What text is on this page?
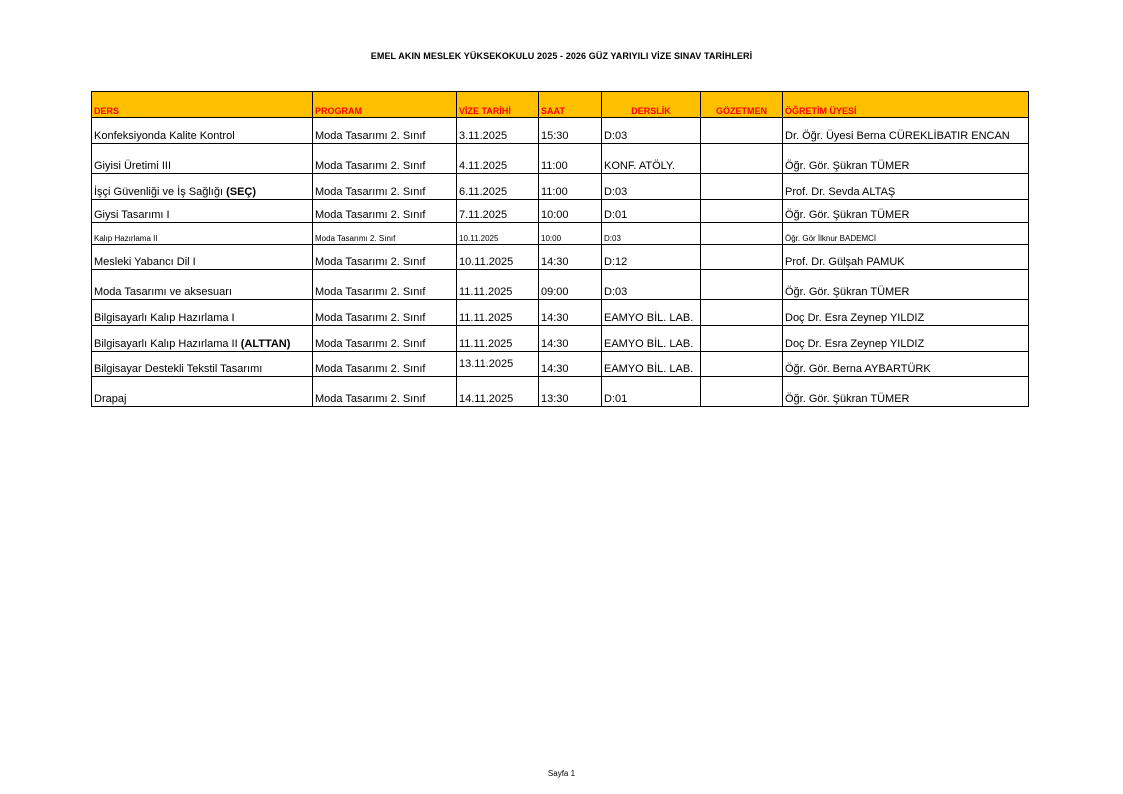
EMEL AKIN MESLEK YÜKSEKOKULU 2025 - 2026 GÜZ YARIYILI VİZE SINAV TARİHLERİ
DERS	PROGRAM	VİZE TARİHİ	SAAT	DERSLİK	GÖZETMEN	ÖĞRETİM ÜYESİ
Konfeksiyonda Kalite Kontrol	Moda Tasarımı 2. Sınıf	3.11.2025	15:30	D:03		Dr. Öğr. Üyesi Berna CÜREKLİBATIR ENCAN
Giyisi Üretimi III	Moda Tasarımı 2. Sınıf	4.11.2025	11:00	KONF. ATÖLY.		Öğr. Gör. Şükran TÜMER
İşçi Güvenliği ve İş Sağlığı (SEÇ)	Moda Tasarımı 2. Sınıf	6.11.2025	11:00	D:03		Prof. Dr. Sevda ALTAŞ
Giysi Tasarımı I	Moda Tasarımı 2. Sınıf	7.11.2025	10:00	D:01		Öğr. Gör. Şükran TÜMER
Kalıp Hazırlama II	Moda Tasarımı 2. Sınıf	10.11.2025	10:00	D:03		Öğr. Gör İlknur BADEMCİ
Mesleki Yabancı Dil I	Moda Tasarımı 2. Sınıf	10.11.2025	14:30	D:12		Prof. Dr. Gülşah PAMUK
Moda Tasarımı ve aksesuarı	Moda Tasarımı 2. Sınıf	11.11.2025	09:00	D:03		Öğr. Gör. Şükran TÜMER
Bilgisayarlı Kalıp Hazırlama I	Moda Tasarımı 2. Sınıf	11.11.2025	14:30	EAMYO BİL. LAB.		Doç Dr. Esra Zeynep YILDIZ
Bilgisayarlı Kalıp Hazırlama II (ALTTAN)	Moda Tasarımı 2. Sınıf	11.11.2025	14:30	EAMYO BİL. LAB.		Doç Dr. Esra Zeynep YILDIZ
Bilgisayar Destekli Tekstil Tasarımı	Moda Tasarımı 2. Sınıf	13.11.2025	14:30	EAMYO BİL. LAB.		Öğr. Gör. Berna AYBARTÜRK
Drapaj	Moda Tasarımı 2. Sınıf	14.11.2025	13:30	D:01		Öğr. Gör. Şükran TÜMER
Sayfa 1
